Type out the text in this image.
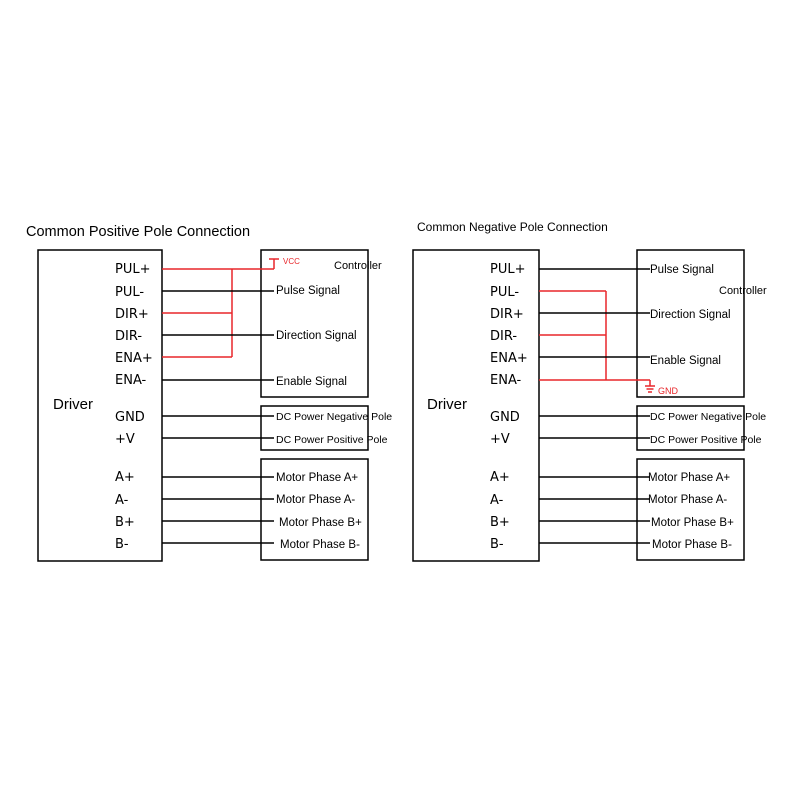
Common Positive Pole Connection
Driver
Controller
PUL+
PUL-
DIR+
DIR-
ENA+
ENA-
GND
+V
A+
A-
B+
B-
VCC
Pulse Signal
Direction Signal
Enable Signal
DC Power Negative Pole
DC Power Positive Pole
Motor Phase A+
Motor Phase A-
Motor Phase B+
Motor Phase B-
Common Negative Pole Connection
Driver
Controller
PUL+
PUL-
DIR+
DIR-
ENA+
ENA-
GND
+V
A+
A-
B+
B-
GND
Pulse Signal
Direction Signal
Enable Signal
DC Power Negative Pole
DC Power Positive Pole
Motor Phase A+
Motor Phase A-
Motor Phase B+
Motor Phase B-
